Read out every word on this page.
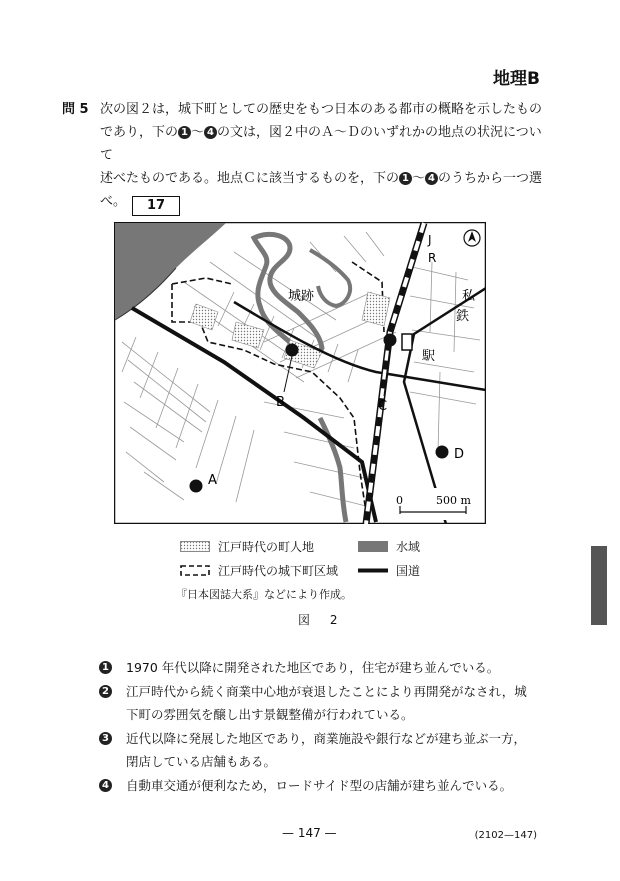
地理B
問 5 次の図２は，城下町としての歴史をもつ日本のある都市の概略を示したもの
であり，下の 1 〜 4 の文は，図２中のＡ〜Ｄのいずれかの地点の状況について
述べたものである。地点Ｃに該当するものを，下の 1 〜 4 のうちから一つ選
べ。 17
城跡
J
R
私
鉄
駅
A
B	C
D
0	500 m
江戸時代の町人地	水域
江戸時代の城下町区域	国道
『日本図誌大系』などにより作成。
図 2
1 1970 年代以降に開発された地区であり，住宅が建ち並んでいる。
2 江戸時代から続く商業中心地が衰退したことにより再開発がなされ，城下町の雰囲気を醸し出す景観整備が行われている。
3 近代以降に発展した地区であり，商業施設や銀行などが建ち並ぶ一方，閉店している店舗もある。
4 自動車交通が便利なため，ロードサイド型の店舗が建ち並んでいる。
— 147 —	(2102—147)
